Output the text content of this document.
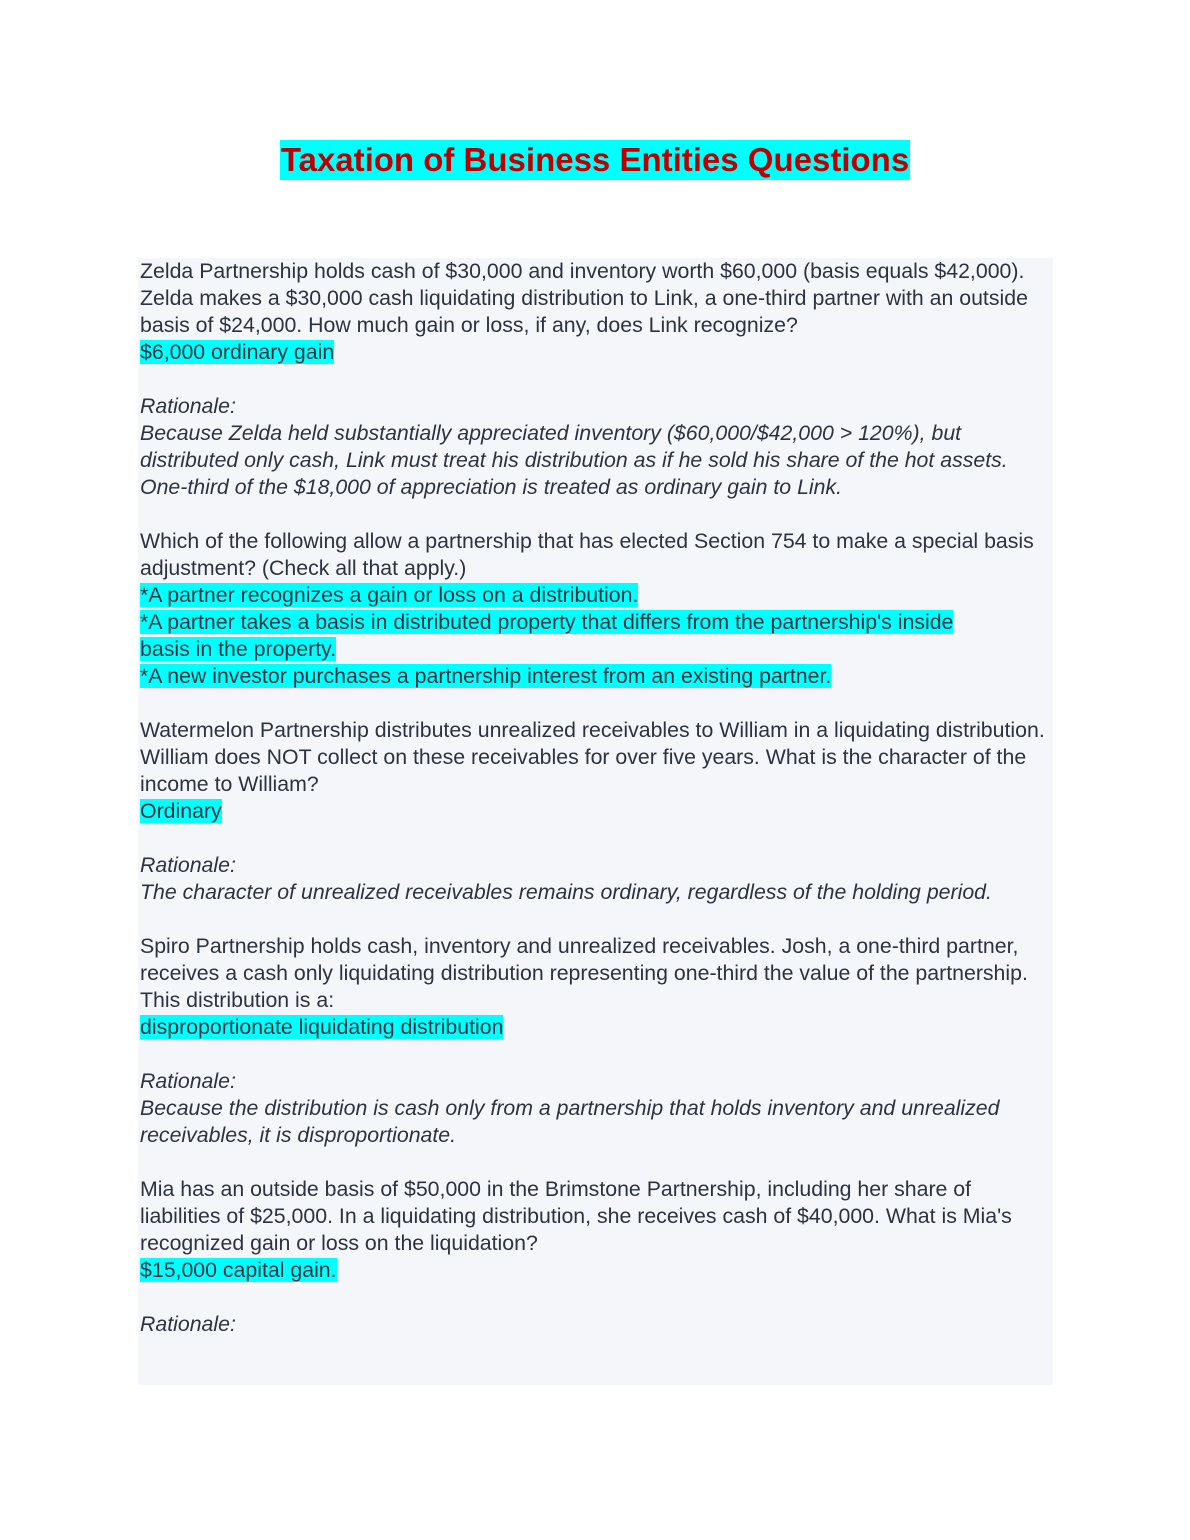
Taxation of Business Entities Questions
Zelda Partnership holds cash of $30,000 and inventory worth $60,000 (basis equals $42,000). Zelda makes a $30,000 cash liquidating distribution to Link, a one-third partner with an outside basis of $24,000. How much gain or loss, if any, does Link recognize?
$6,000 ordinary gain
Rationale:
Because Zelda held substantially appreciated inventory ($60,000/$42,000 > 120%), but distributed only cash, Link must treat his distribution as if he sold his share of the hot assets. One-third of the $18,000 of appreciation is treated as ordinary gain to Link.
Which of the following allow a partnership that has elected Section 754 to make a special basis adjustment? (Check all that apply.)
*A partner recognizes a gain or loss on a distribution.
*A partner takes a basis in distributed property that differs from the partnership's inside
basis in the property.
*A new investor purchases a partnership interest from an existing partner.
Watermelon Partnership distributes unrealized receivables to William in a liquidating distribution. William does NOT collect on these receivables for over five years. What is the character of the income to William?
Ordinary
Rationale:
The character of unrealized receivables remains ordinary, regardless of the holding period.
Spiro Partnership holds cash, inventory and unrealized receivables. Josh, a one-third partner, receives a cash only liquidating distribution representing one-third the value of the partnership. This distribution is a:
disproportionate liquidating distribution
Rationale:
Because the distribution is cash only from a partnership that holds inventory and unrealized receivables, it is disproportionate.
Mia has an outside basis of $50,000 in the Brimstone Partnership, including her share of liabilities of $25,000. In a liquidating distribution, she receives cash of $40,000. What is Mia's recognized gain or loss on the liquidation?
$15,000 capital gain.
Rationale:
